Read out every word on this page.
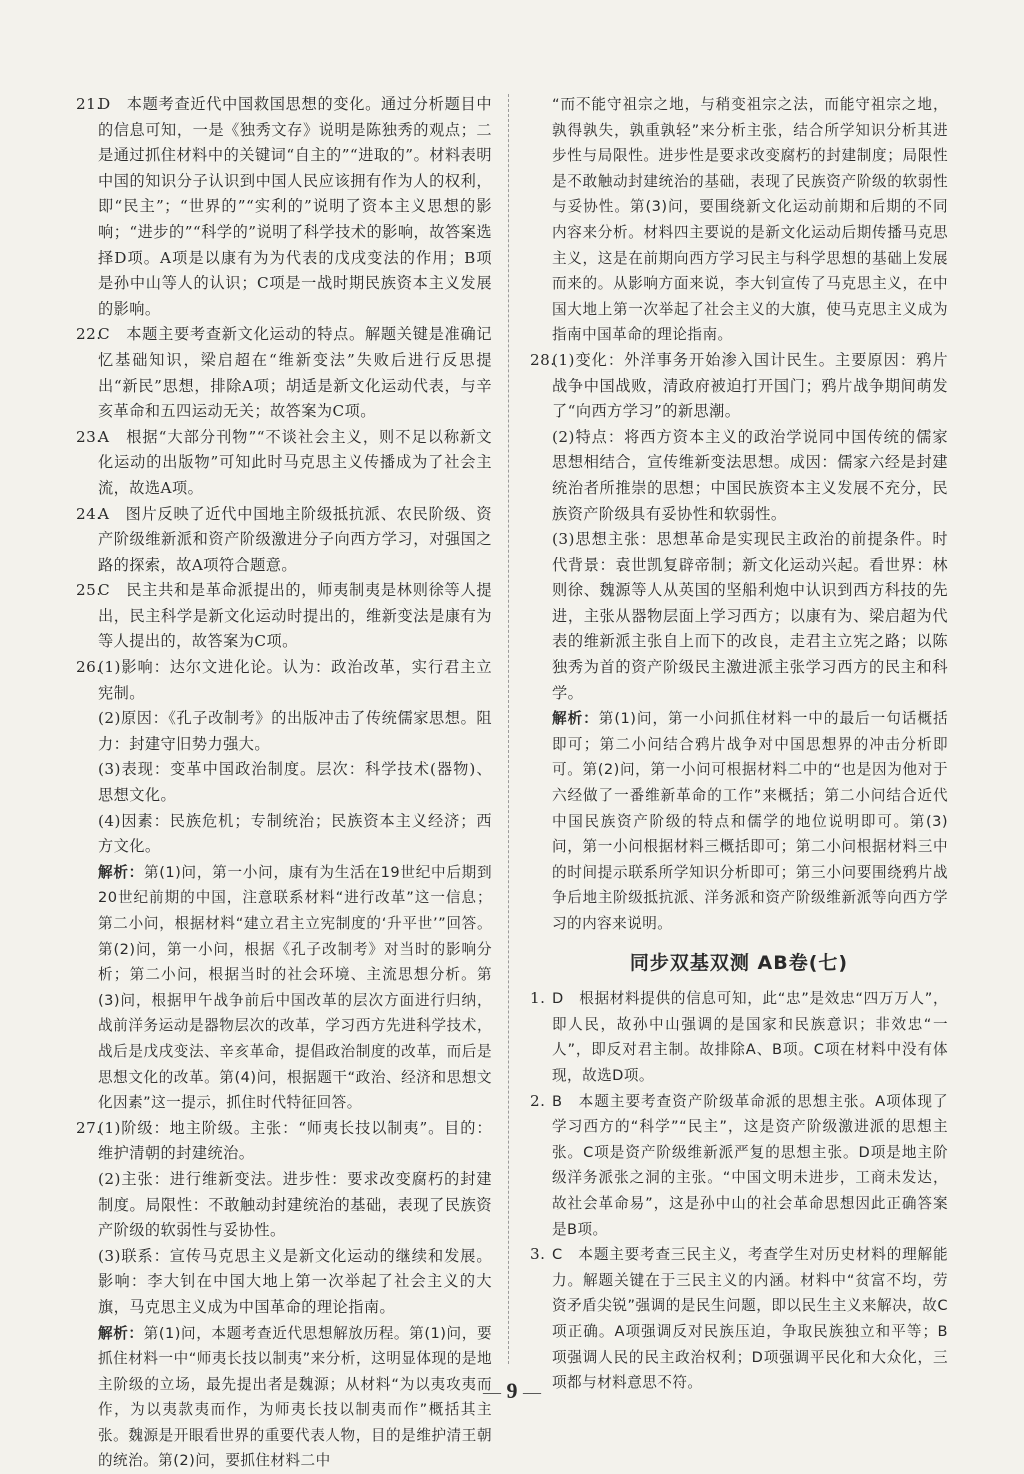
21.
D　本题考查近代中国救国思想的变化。通过分析题目中的信息可知，一是《独秀文存》说明是陈独秀的观点；二是通过抓住材料中的关键词“自主的”“进取的”。材料表明中国的知识分子认识到中国人民应该拥有作为人的权利，即“民主”；“世界的”“实利的”说明了资本主义思想的影响；“进步的”“科学的”说明了科学技术的影响，故答案选择D项。A项是以康有为为代表的戊戌变法的作用；B项是孙中山等人的认识；C项是一战时期民族资本主义发展的影响。
22.
C　本题主要考查新文化运动的特点。解题关键是准确记忆基础知识，梁启超在“维新变法”失败后进行反思提出“新民”思想，排除A项；胡适是新文化运动代表，与辛亥革命和五四运动无关；故答案为C项。
23.
A　根据“大部分刊物”“不谈社会主义，则不足以称新文化运动的出版物”可知此时马克思主义传播成为了社会主流，故选A项。
24.
A　图片反映了近代中国地主阶级抵抗派、农民阶级、资产阶级维新派和资产阶级激进分子向西方学习，对强国之路的探索，故A项符合题意。
25.
C　民主共和是革命派提出的，师夷制夷是林则徐等人提出，民主科学是新文化运动时提出的，维新变法是康有为等人提出的，故答案为C项。
26.
(1)影响：达尔文进化论。认为：政治改革，实行君主立宪制。
(2)原因：《孔子改制考》的出版冲击了传统儒家思想。阻力：封建守旧势力强大。
(3)表现：变革中国政治制度。层次：科学技术(器物)、思想文化。
(4)因素：民族危机；专制统治；民族资本主义经济；西方文化。
解析：第(1)问，第一小问，康有为生活在19世纪中后期到20世纪前期的中国，注意联系材料“进行改革”这一信息；第二小问，根据材料“建立君主立宪制度的‘升平世’”回答。第(2)问，第一小问，根据《孔子改制考》对当时的影响分析；第二小问，根据当时的社会环境、主流思想分析。第(3)问，根据甲午战争前后中国改革的层次方面进行归纳，战前洋务运动是器物层次的改革，学习西方先进科学技术，战后是戊戌变法、辛亥革命，提倡政治制度的改革，而后是思想文化的改革。第(4)问，根据题干“政治、经济和思想文化因素”这一提示，抓住时代特征回答。
27.
(1)阶级：地主阶级。主张：“师夷长技以制夷”。目的：维护清朝的封建统治。
(2)主张：进行维新变法。进步性：要求改变腐朽的封建制度。局限性：不敢触动封建统治的基础，表现了民族资产阶级的软弱性与妥协性。
(3)联系：宣传马克思主义是新文化运动的继续和发展。影响：李大钊在中国大地上第一次举起了社会主义的大旗，马克思主义成为中国革命的理论指南。
解析：第(1)问，本题考查近代思想解放历程。第(1)问，要抓住材料一中“师夷长技以制夷”来分析，这明显体现的是地主阶级的立场，最先提出者是魏源；从材料“为以夷攻夷而作，为以夷款夷而作，为师夷长技以制夷而作”概括其主张。魏源是开眼看世界的重要代表人物，目的是维护清王朝的统治。第(2)问，要抓住材料二中
“而不能守祖宗之地，与稍变祖宗之法，而能守祖宗之地，孰得孰失，孰重孰轻”来分析主张，结合所学知识分析其进步性与局限性。进步性是要求改变腐朽的封建制度；局限性是不敢触动封建统治的基础，表现了民族资产阶级的软弱性与妥协性。第(3)问，要围绕新文化运动前期和后期的不同内容来分析。材料四主要说的是新文化运动后期传播马克思主义，这是在前期向西方学习民主与科学思想的基础上发展而来的。从影响方面来说，李大钊宣传了马克思主义，在中国大地上第一次举起了社会主义的大旗，使马克思主义成为指南中国革命的理论指南。
28.
(1)变化：外洋事务开始渗入国计民生。主要原因：鸦片战争中国战败，清政府被迫打开国门；鸦片战争期间萌发了“向西方学习”的新思潮。
(2)特点：将西方资本主义的政治学说同中国传统的儒家思想相结合，宣传维新变法思想。成因：儒家六经是封建统治者所推崇的思想；中国民族资本主义发展不充分，民族资产阶级具有妥协性和软弱性。
(3)思想主张：思想革命是实现民主政治的前提条件。时代背景：袁世凯复辟帝制；新文化运动兴起。看世界：林则徐、魏源等人从英国的坚船利炮中认识到西方科技的先进，主张从器物层面上学习西方；以康有为、梁启超为代表的维新派主张自上而下的改良，走君主立宪之路；以陈独秀为首的资产阶级民主激进派主张学习西方的民主和科学。
解析：第(1)问，第一小问抓住材料一中的最后一句话概括即可；第二小问结合鸦片战争对中国思想界的冲击分析即可。第(2)问，第一小问可根据材料二中的“也是因为他对于六经做了一番维新革命的工作”来概括；第二小问结合近代中国民族资产阶级的特点和儒学的地位说明即可。第(3)问，第一小问根据材料三概括即可；第二小问根据材料三中的时间提示联系所学知识分析即可；第三小问要围绕鸦片战争后地主阶级抵抗派、洋务派和资产阶级维新派等向西方学习的内容来说明。
同步双基双测 AB卷(七)
1. D　根据材料提供的信息可知，此“忠”是效忠“四万万人”，即人民，故孙中山强调的是国家和民族意识；非效忠“一人”，即反对君主制。故排除A、B项。C项在材料中没有体现，故选D项。
2. B　本题主要考查资产阶级革命派的思想主张。A项体现了学习西方的“科学”“民主”，这是资产阶级激进派的思想主张。C项是资产阶级维新派严复的思想主张。D项是地主阶级洋务派张之洞的主张。“中国文明未进步，工商未发达，故社会革命易”，这是孙中山的社会革命思想因此正确答案是B项。
3. C　本题主要考查三民主义，考查学生对历史材料的理解能力。解题关键在于三民主义的内涵。材料中“贫富不均，劳资矛盾尖锐”强调的是民生问题，即以民生主义来解决，故C项正确。A项强调反对民族压迫，争取民族独立和平等；B项强调人民的民主政治权利；D项强调平民化和大众化，三项都与材料意思不符。
— 9 —
